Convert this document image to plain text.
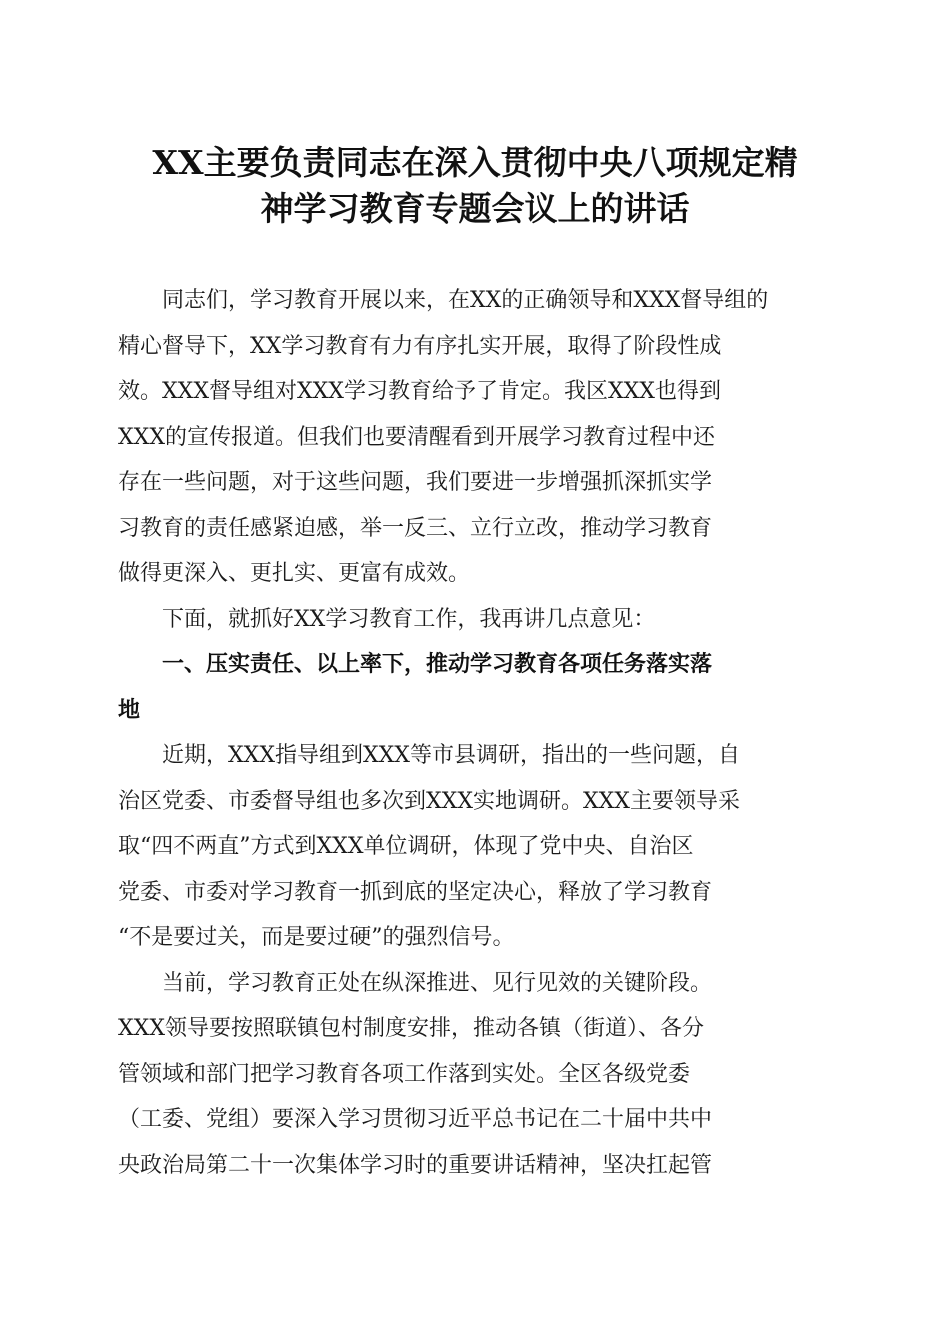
XX主要负责同志在深入贯彻中央八项规定精
神学习教育专题会议上的讲话
同志们，学习教育开展以来，在XX的正确领导和XXX督导组的
精心督导下，XX学习教育有力有序扎实开展，取得了阶段性成
效。XXX督导组对XXX学习教育给予了肯定。我区XXX也得到
XXX的宣传报道。但我们也要清醒看到开展学习教育过程中还
存在一些问题，对于这些问题，我们要进一步增强抓深抓实学
习教育的责任感紧迫感，举一反三、立行立改，推动学习教育
做得更深入、更扎实、更富有成效。
下面，就抓好XX学习教育工作，我再讲几点意见：
一、压实责任、以上率下，推动学习教育各项任务落实落
地
近期，XXX指导组到XXX等市县调研，指出的一些问题，自
治区党委、市委督导组也多次到XXX实地调研。XXX主要领导采
取“四不两直”方式到XXX单位调研，体现了党中央、自治区
党委、市委对学习教育一抓到底的坚定决心，释放了学习教育
“不是要过关，而是要过硬”的强烈信号。
当前，学习教育正处在纵深推进、见行见效的关键阶段。
XXX领导要按照联镇包村制度安排，推动各镇（街道）、各分
管领域和部门把学习教育各项工作落到实处。全区各级党委
（工委、党组）要深入学习贯彻习近平总书记在二十届中共中
央政治局第二十一次集体学习时的重要讲话精神，坚决扛起管
